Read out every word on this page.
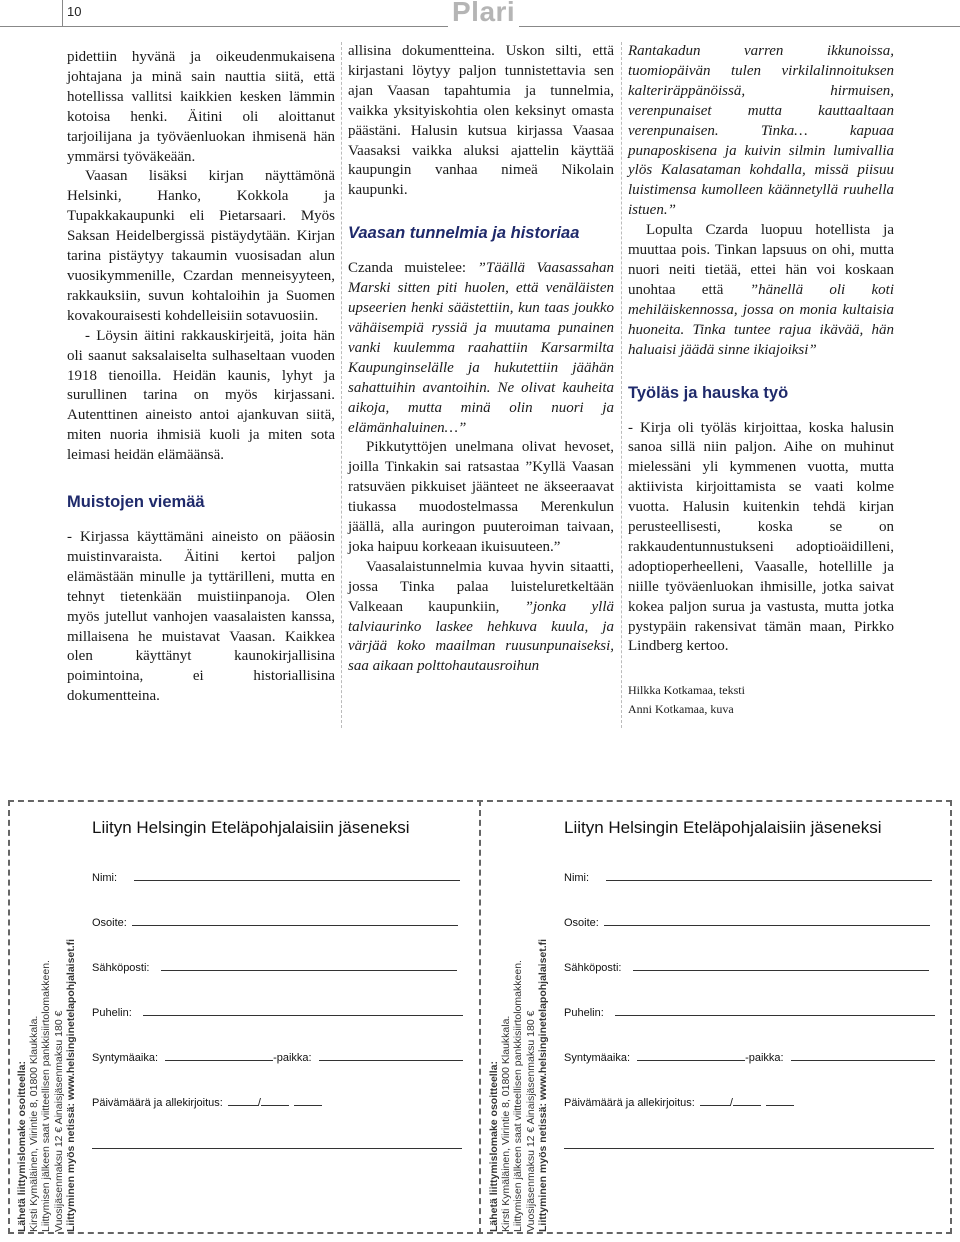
10	Plari

pidettiin hyvänä ja oikeudenmukaisena johtajana ja minä sain nauttia siitä, että hotellissa vallitsi kaikkien kesken lämmin kotoisa henki. Äitini oli aloittanut tarjoilijana ja työväenluokan ihmisenä hän ymmärsi työväkeään.

Vaasan lisäksi kirjan näyttämönä Helsinki, Hanko, Kokkola ja Tupakkakaupunki eli Pietarsaari. Myös Saksan Heidelbergissä pistäydytään. Kirjan tarina pistäytyy takaumin vuosisadan alun vuosikymmenille, Czardan menneisyyteen, rakkauksiin, suvun kohtaloihin ja Suomen kovakouraisesti kohdelleisiin sotavuosiin.

- Löysin äitini rakkauskirjeitä, joita hän oli saanut saksalaiselta sulhaseltaan vuoden 1918 tienoilla. Heidän kaunis, lyhyt ja surullinen tarina on myös kirjassani. Autenttinen aineisto antoi ajankuvan siitä, miten nuoria ihmisiä kuoli ja miten sota leimasi heidän elämäänsä.

Muistojen viemää

- Kirjassa käyttämäni aineisto on pääosin muistinvaraista. Äitini kertoi paljon elämästään minulle ja tyttärilleni, mutta en tehnyt tietenkään muistiinpanoja. Olen myös jutellut vanhojen vaasalaisten kanssa, millaisena he muistavat Vaasan. Kaikkea olen käyttänyt kaunokirjallisina poimintoina, ei historiallisina dokumentteina.

allisina dokumentteina. Uskon silti, että kirjastani löytyy paljon tunnistettavia sen ajan Vaasan tapahtumia ja tunnelmia, vaikka yksityiskohtia olen keksinyt omasta päästäni. Halusin kutsua kirjassa Vaasaa Vaasaksi vaikka aluksi ajattelin käyttää kaupungin vanhaa nimeä Nikolain kaupunki.

Vaasan tunnelmia ja historiaa

Czanda muistelee: ”Täällä Vaasassahan Marski sitten piti huolen, että venäläisten upseerien henki säästettiin, kun taas joukko vähäisempiä ryssiä ja muutama punainen vanki kuulemma raahattiin Karsarmilta Kaupunginselälle ja hukutettiin jäähän sahattuihin avantoihin. Ne olivat kauheita aikoja, mutta minä olin nuori ja elämänhaluinen…”

Pikkutyttöjen unelmana olivat hevoset, joilla Tinkakin sai ratsastaa ”Kyllä Vaasan ratsuväen pikkuiset jäänteet ne äkseeraavat tiukassa muodostelmassa Merenkulun jäällä, alla auringon puuteroiman taivaan, joka haipuu korkeaan ikuisuuteen.”

Vaasalaistunnelmia kuvaa hyvin sitaatti, jossa Tinka palaa luisteluretkeltään Valkeaan kaupunkiin, ”jonka yllä talviaurinko laskee hehkuva kuula, ja värjää koko maailman ruusunpunaiseksi, saa aikaan polttohautausroihun

Rantakadun varren ikkunoissa, tuomiopäivän tulen virkilalinnoituksen kalteriräppänöissä, hirmuisen, verenpunaiset mutta kauttaaltaan verenpunaisen. Tinka… kapuaa punaposkisena ja kuivin silmin lumivallia ylös Kalasataman kohdalla, missä piisuu luistimensa kumolleen käännetyllä ruuhella istuen.”

Lopulta Czarda luopuu hotellista ja muuttaa pois. Tinkan lapsuus on ohi, mutta nuori neiti tietää, ettei hän voi koskaan unohtaa että ”hänellä oli koti mehiläiskennossa, jossa on monia kultaisia huoneita. Tinka tuntee rajua ikävää, hän haluaisi jäädä sinne ikiajoiksi”

Työläs ja hauska työ

- Kirja oli työläs kirjoittaa, koska halusin sanoa sillä niin paljon. Aihe on muhinut mielessäni yli kymmenen vuotta, mutta aktiivista kirjoittamista se vaati kolme vuotta. Halusin kuitenkin tehdä kirjan perusteellisesti, koska se on rakkaudentunnustukseni adoptioäidilleni, adoptioperheelleni, Vaasalle, hotellille ja niille työväenluokan ihmisille, jotka saivat kokea paljon surua ja vastusta, mutta jotka pystypäin rakensivat tämän maan, Pirkko Lindberg kertoo.

Hilkka Kotkamaa, teksti
Anni Kotkamaa, kuva
Lähetä liittymislomake osoitteella: Kirsti Kymäläinen, Viirintie 8, 01800 Klaukkala. Liittymisen jälkeen saat viitteellisen pankkisiirtolomakkeen. Vuosijäsenmaksu 12 € Ainaisjäsenmaksu 180 € Liittyminen myös netissä: www.helsinginetelapohjalaiset.fi
Liityn Helsingin Eteläpohjalaisiin jäseneksi
Nimi:
Osoite:
Sähköposti:
Puhelin:
Syntymäaika:	-paikka:
Päivämäärä ja allekirjoitus:	/	Lähetä liittymislomake osoitteella: Kirsti Kymäläinen, Viirintie 8, 01800 Klaukkala. Liittymisen jälkeen saat viitteellisen pankkisiirtolomakkeen. Vuosijäsenmaksu 12 € Ainaisjäsenmaksu 180 € Liittyminen myös netissä: www.helsinginetelapohjalaiset.fi
Liityn Helsingin Eteläpohjalaisiin jäseneksi
Nimi:
Osoite:
Sähköposti:
Puhelin:
Syntymäaika:	-paikka:
Päivämäärä ja allekirjoitus:	/
